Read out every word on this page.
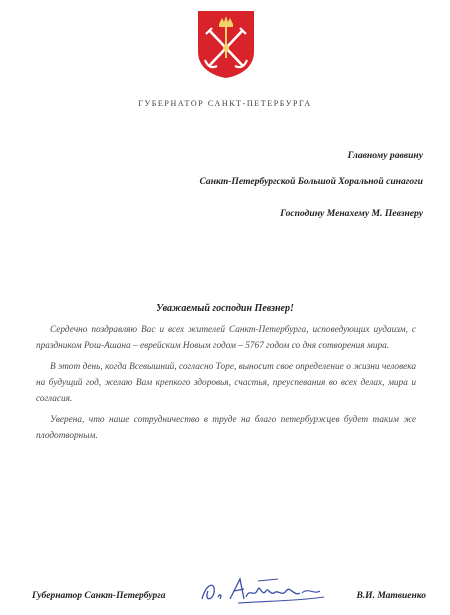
ГУБЕРНАТОР САНКТ-ПЕТЕРБУРГА
Главному раввину
Санкт-Петербургской Большой Хоральной синагоги
Господину Менахему М. Певзнеру
Уважаемый господин Певзнер!

Сердечно поздравляю Вас и всех жителей Санкт-Петербурга, исповедующих иудаизм, с праздником Рош-Ашана – еврейским Новым годом – 5767 годом со дня сотворения мира.

В этот день, когда Всевышний, согласно Торе, выносит свое определение о жизни человека на будущий год, желаю Вам крепкого здоровья, счастья, преуспевания во всех делах, мира и согласия.

Уверена, что наше сотрудничество в труде на благо петербуржцев будет таким же плодотворным.

Губернатор Санкт-Петербурга	В.И. Матвиенко
